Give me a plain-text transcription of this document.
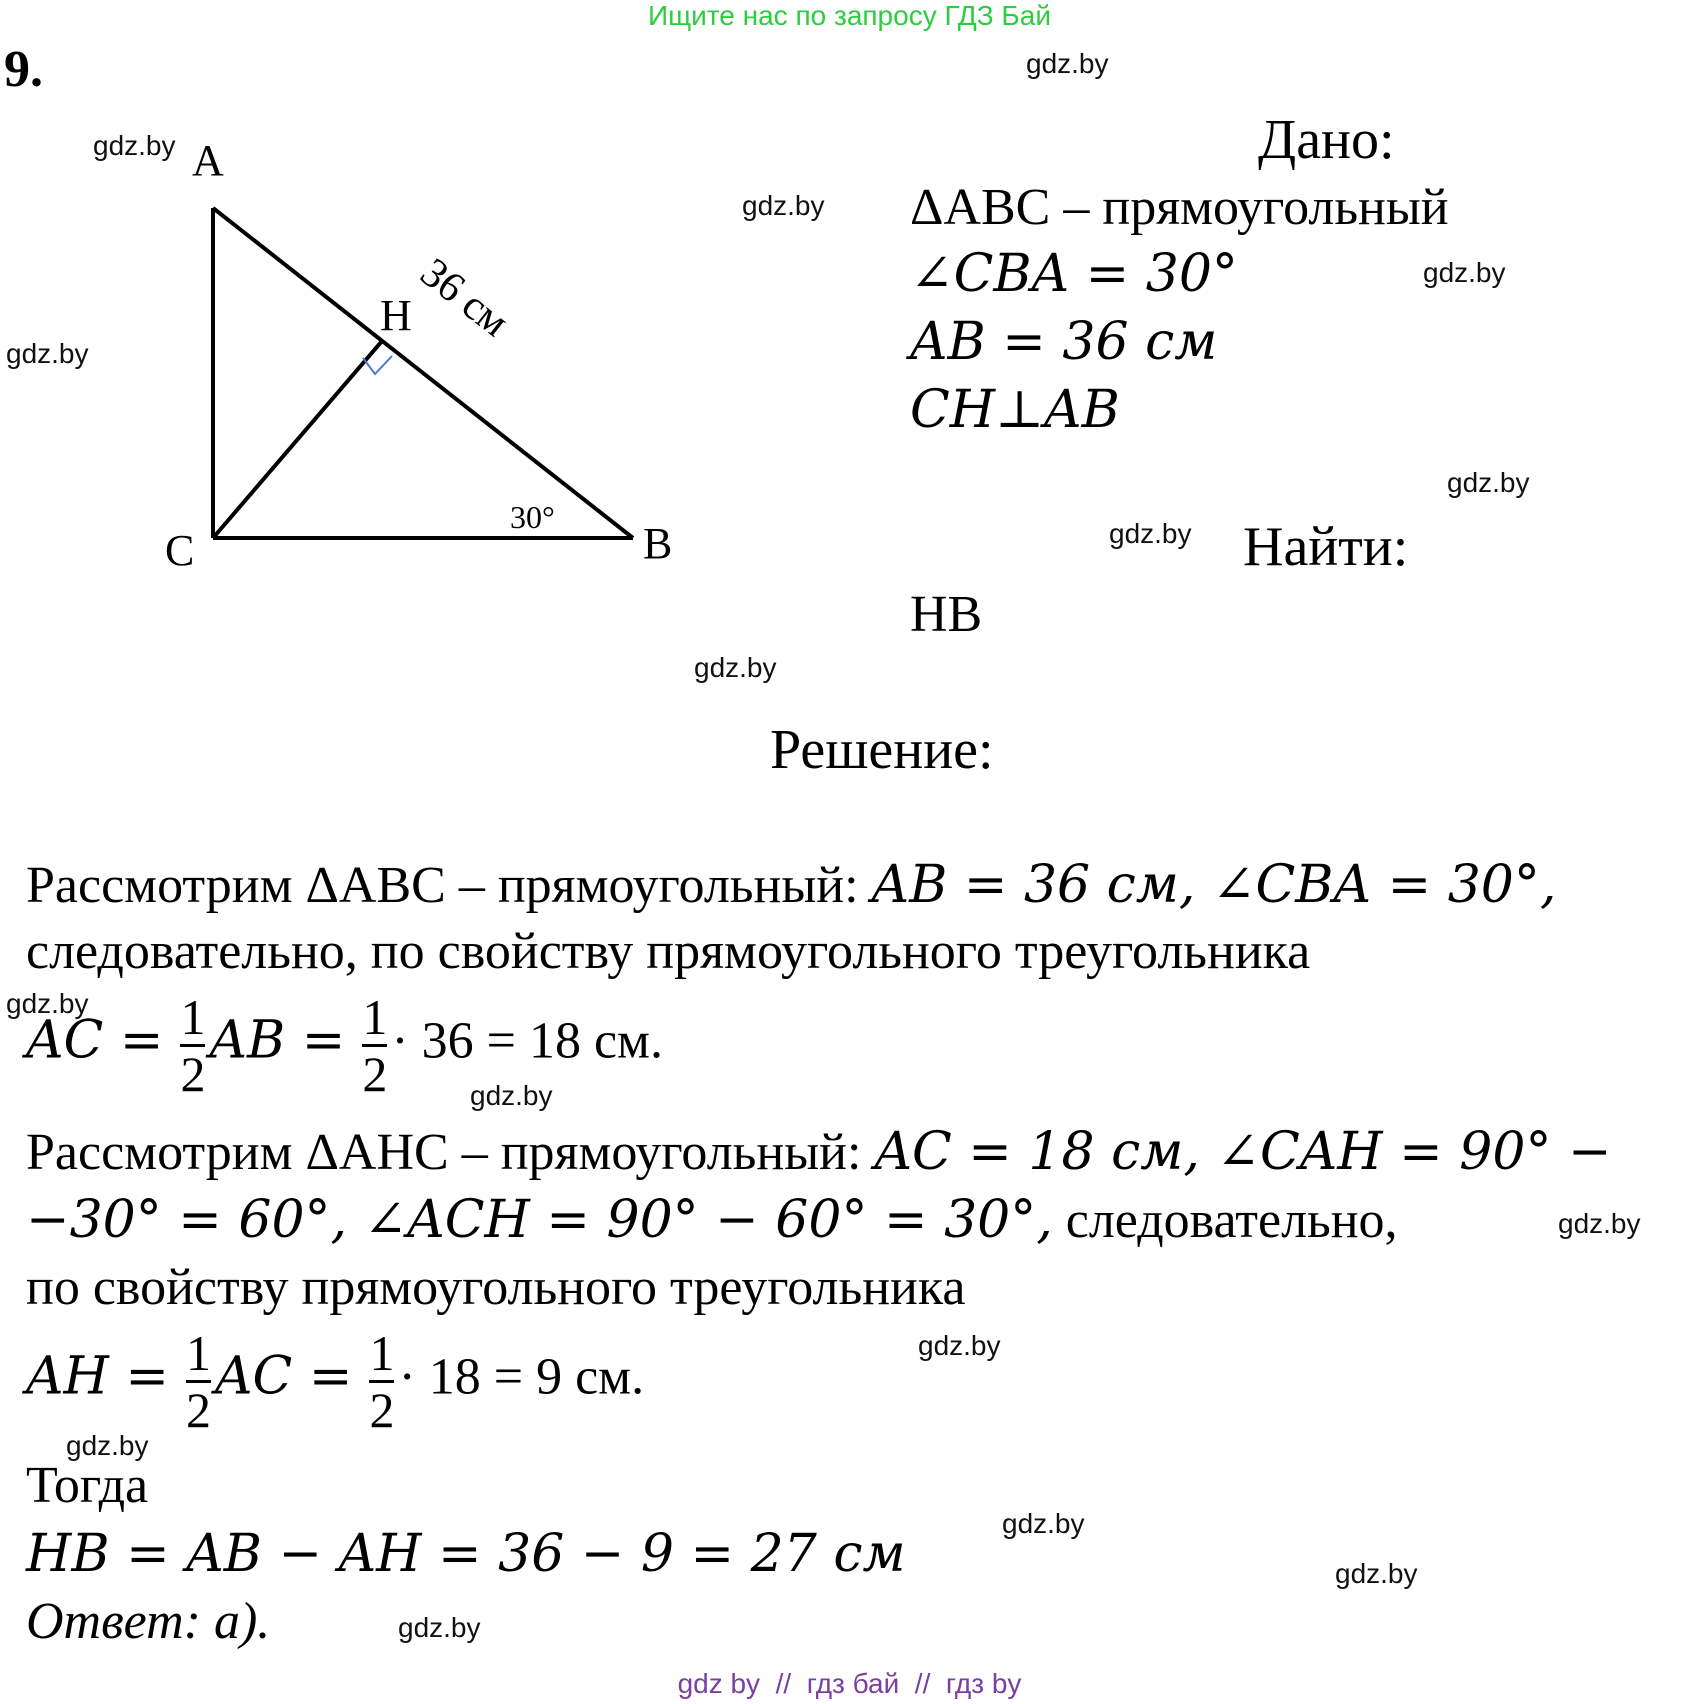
Ищите нас по запросу ГДЗ Бай
9.
A
B
C
H 36 см
30°
Дано:
ΔABC – прямоугольный
∠CBA = 30°
AB = 36 см
CH⊥AB
Найти:
HB
Решение:
Рассмотрим ΔABC – прямоугольный: AB = 36 см, ∠CBA = 30°,
следовательно, по свойству прямоугольного треугольника
AC = $\frac{1}{2}$ AB = $\frac{1}{2} \cdot 36 = 18$ см.
Рассмотрим ΔAHC – прямоугольный: AC = 18 см, ∠CAH = 90° −
−30° = 60°, ∠ACH = 90° − 60° = 30°, следовательно,
по свойству прямоугольного треугольника
AH = $\frac{1}{2}$ AC = $\frac{1}{2} \cdot 18 = 9$ см.
Тогда
HB = AB − AH = 36 − 9 = 27 см
Ответ: а).
gdz.by
gdz.by
gdz.by
gdz.by
gdz.by
gdz.by
gdz.by
gdz.by
gdz.by
gdz.by
gdz.by
gdz.by
gdz.by
gdz.by
gdz.by
gdz.by
gdz by  //  гдз бай  //  гдз by
